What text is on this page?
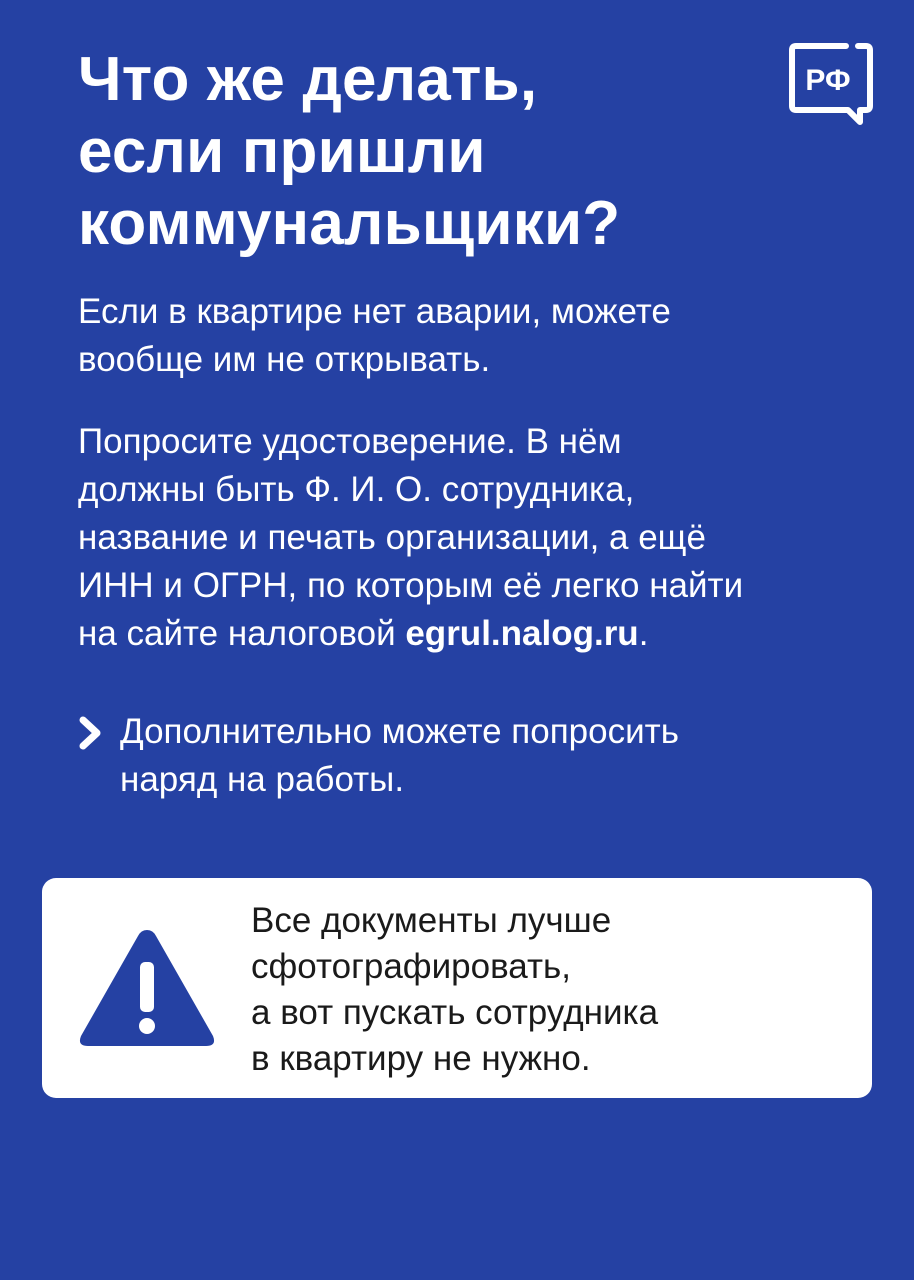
Что же делать,
если пришли
коммунальщики?
РФ

Если в квартире нет аварии, можете
вообще им не открывать.

Попросите удостоверение. В нём
должны быть Ф. И. О. сотрудника,
название и печать организации, а ещё
ИНН и ОГРН, по которым её легко найти
на сайте налоговой egrul.nalog.ru.

Дополнительно можете попросить
наряд на работы.

Все документы лучше
сфотографировать,
а вот пускать сотрудника
в квартиру не нужно.
